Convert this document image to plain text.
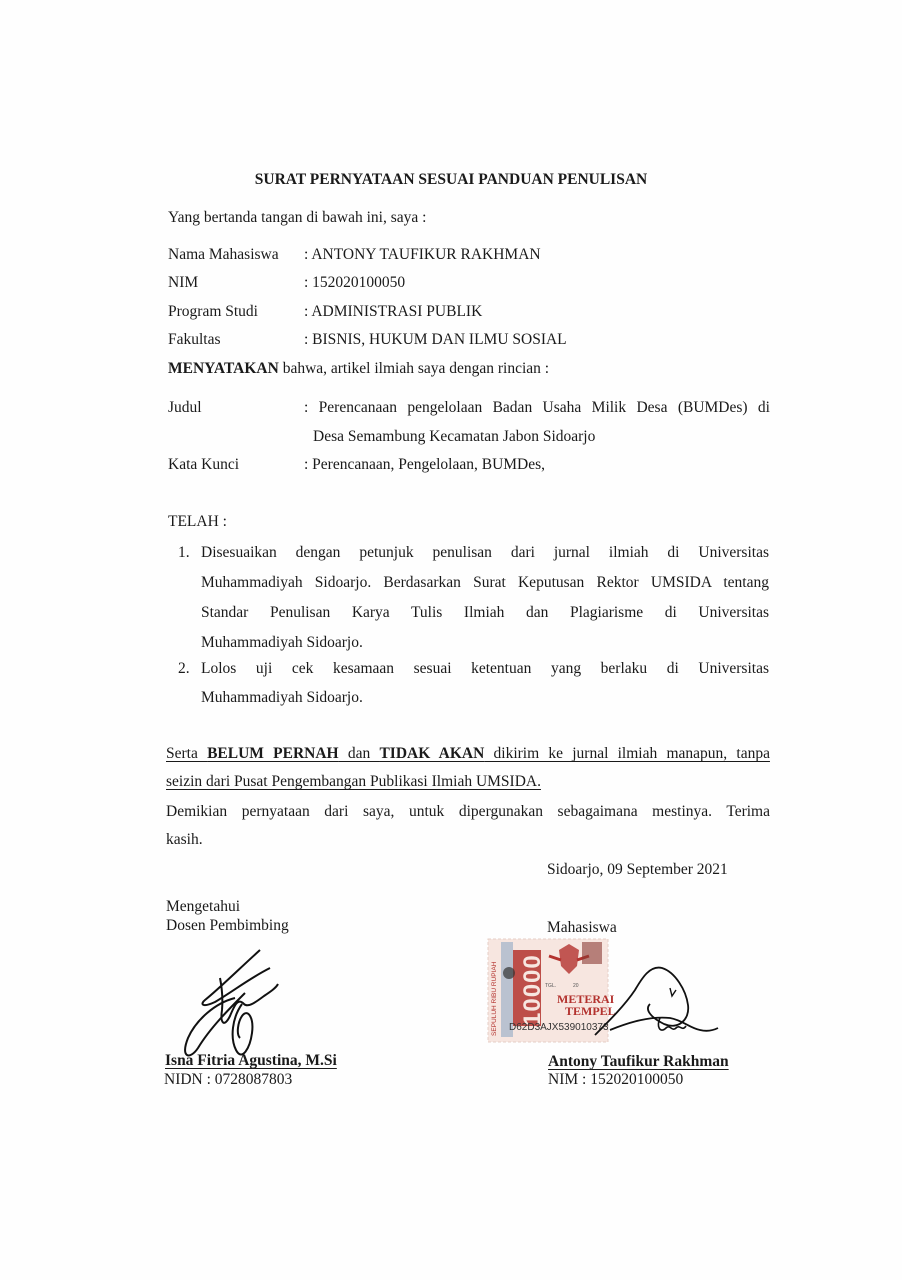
SURAT PERNYATAAN SESUAI PANDUAN PENULISAN
Yang bertanda tangan di bawah ini, saya :
Nama Mahasiswa : ANTONY TAUFIKUR RAKHMAN
NIM	: 152020100050
Program Studi	: ADMINISTRASI PUBLIK
Fakultas	: BISNIS, HUKUM DAN ILMU SOSIAL
MENYATAKAN bahwa, artikel ilmiah saya dengan rincian :
Judul	: Perencanaan pengelolaan Badan Usaha Milik Desa (BUMDes) di
Desa Semambung Kecamatan Jabon Sidoarjo
Kata Kunci	: Perencanaan, Pengelolaan, BUMDes,
TELAH :
1. Disesuaikan dengan petunjuk penulisan dari jurnal ilmiah di Universitas
Muhammadiyah Sidoarjo. Berdasarkan Surat Keputusan Rektor UMSIDA tentang
Standar Penulisan Karya Tulis Ilmiah dan Plagiarisme di Universitas
Muhammadiyah Sidoarjo.
2. Lolos uji cek kesamaan sesuai ketentuan yang berlaku di Universitas
Muhammadiyah Sidoarjo.
Serta BELUM PERNAH dan TIDAK AKAN dikirim ke jurnal ilmiah manapun, tanpa
seizin dari Pusat Pengembangan Publikasi Ilmiah UMSIDA.
Demikian pernyataan dari saya, untuk dipergunakan sebagaimana mestinya. Terima
kasih.
Sidoarjo, 09 September 2021
Mengetahui
Dosen Pembimbing
Isna Fitria Agustina, M.Si
NIDN : 0728087803
Mahasiswa
10000
SEPULUH RIBU RUPIAH	TGL.	20
METERAI
TEMPEL
D62D3AJX539010373
Antony Taufikur Rakhman
NIM : 152020100050
